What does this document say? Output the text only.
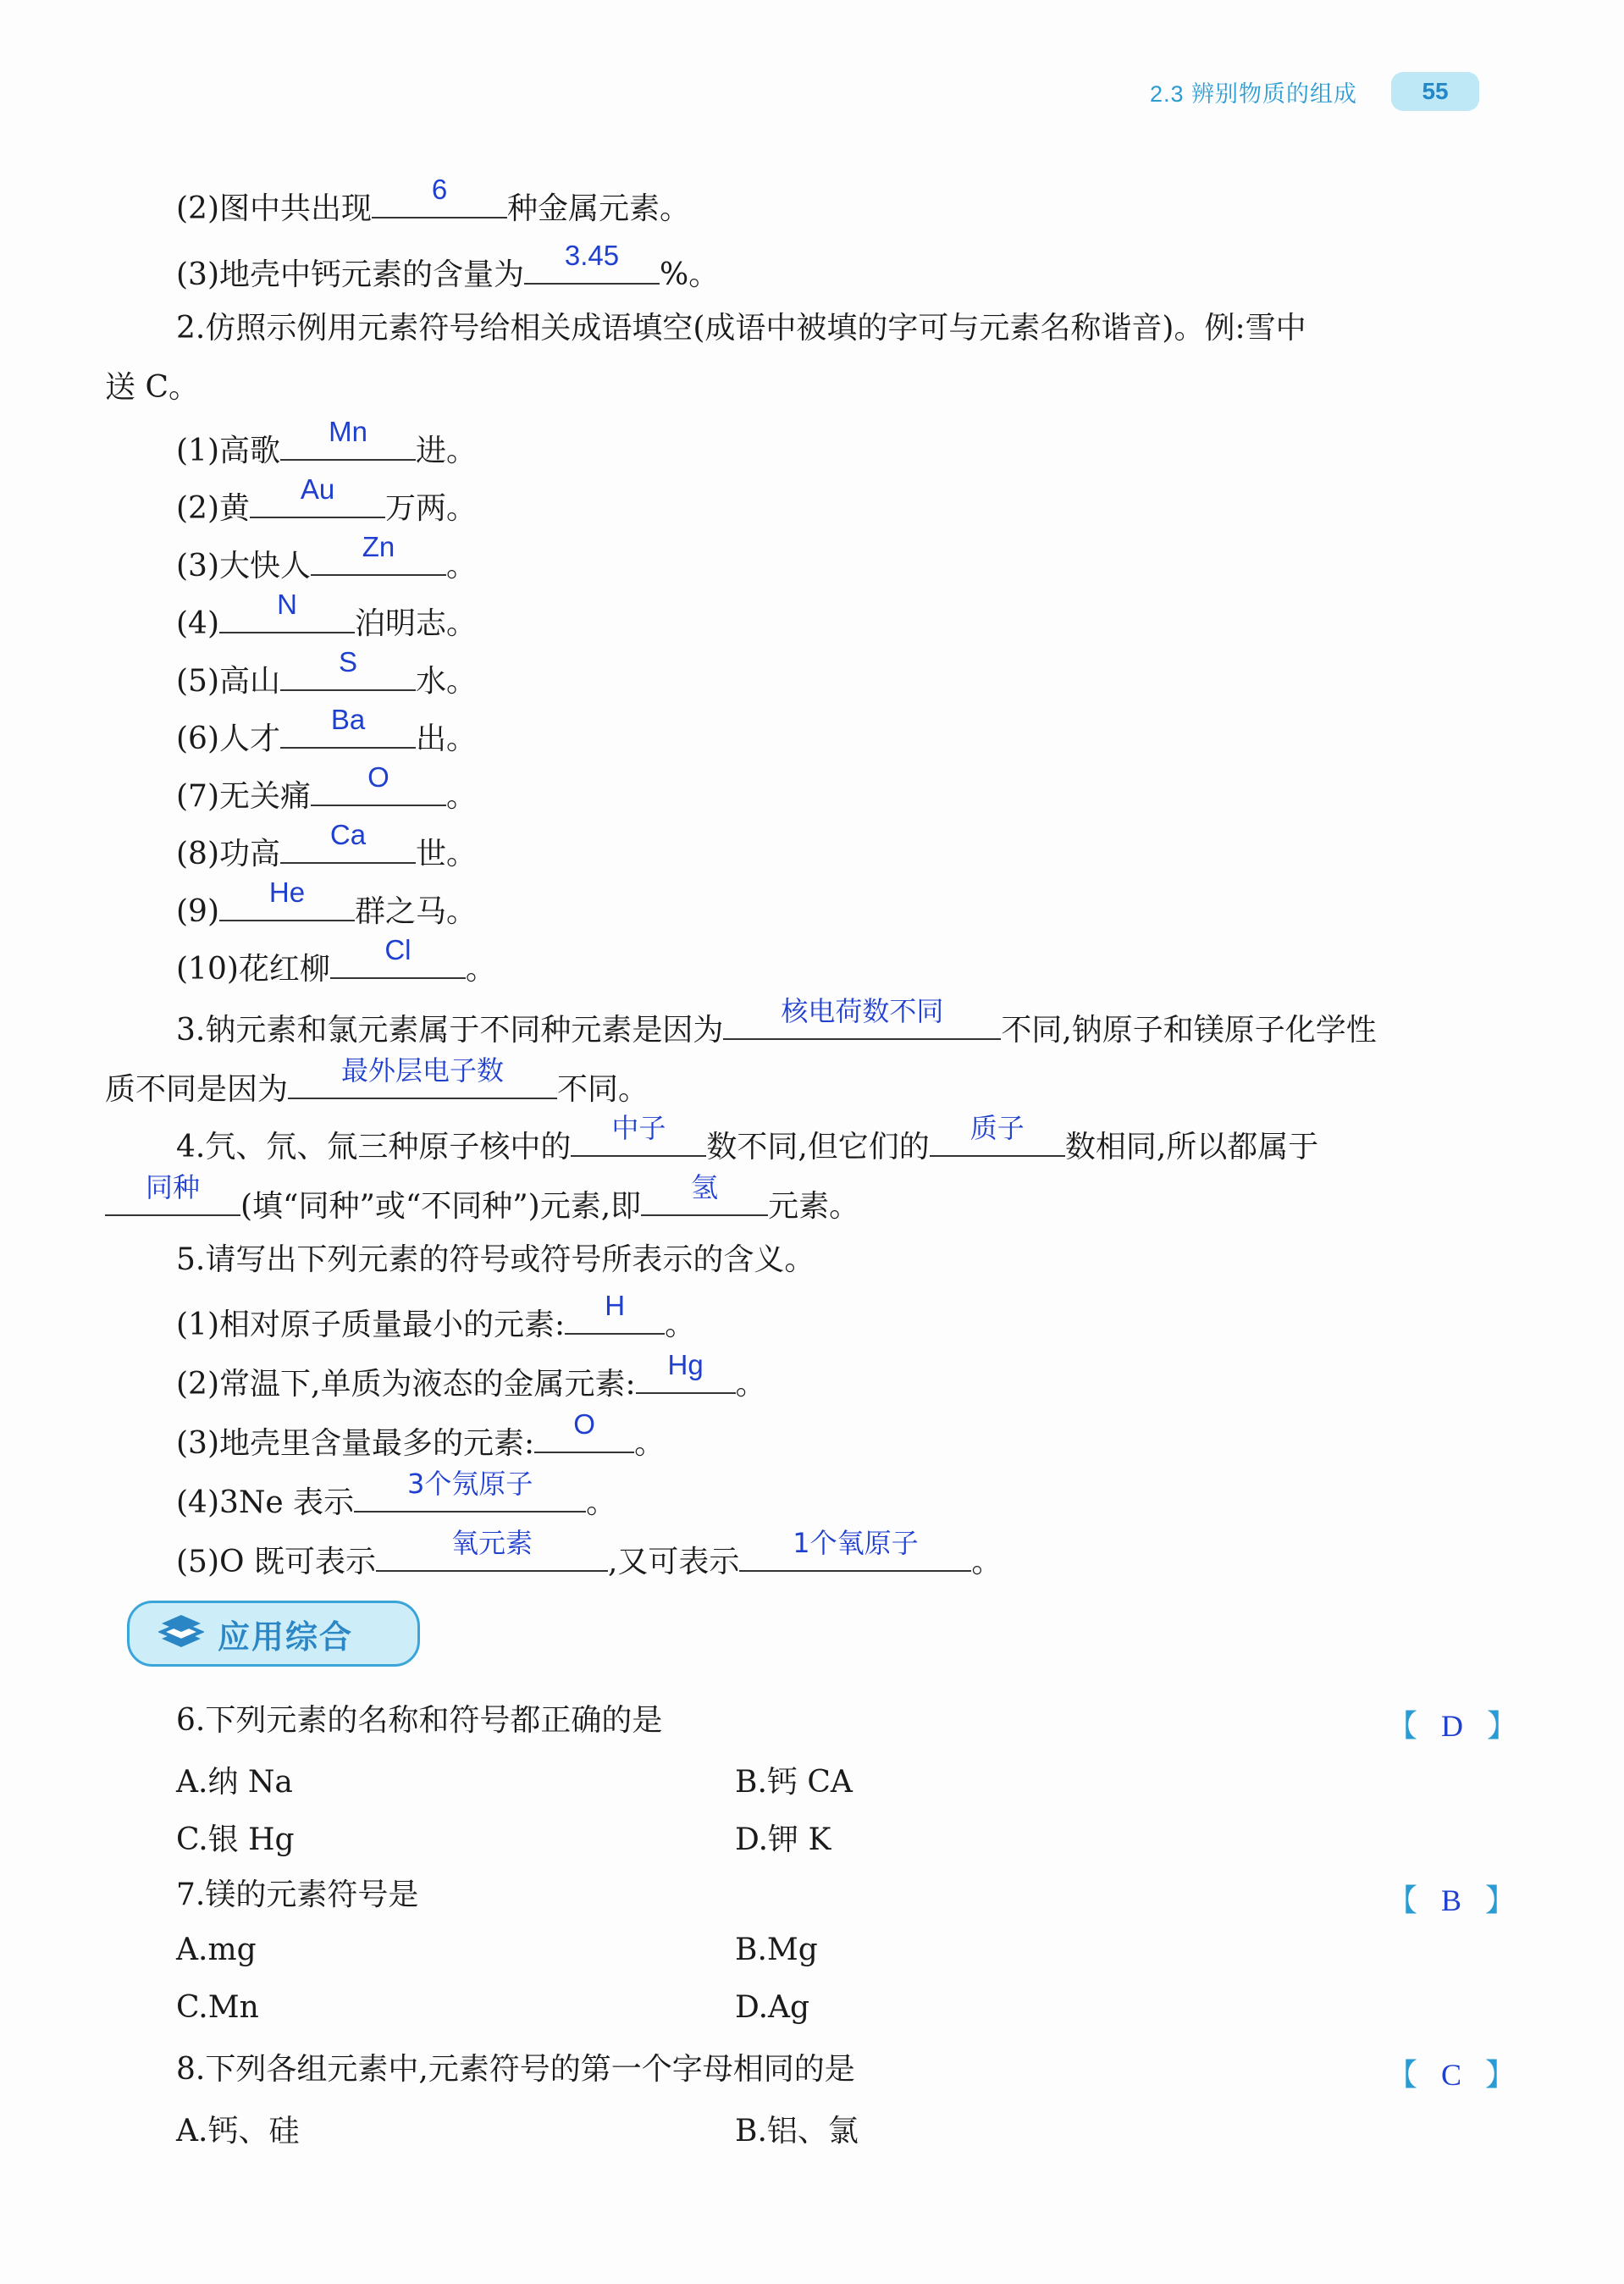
2.3 辨别物质的组成	55
(2)图中共出现
6
种金属元素。
(3)地壳中钙元素的含量为
3.45
%。
2.仿照示例用元素符号给相关成语填空(成语中被填的字可与元素名称谐音)。例:雪中
送 C。
(1)高歌
Mn
进。
(2)黄
Au
万两。
(3)大快人
Zn
。
(4)
N
泊明志。
(5)高山
S
水。
(6)人才
Ba
出。
(7)无关痛
O
。
(8)功高
Ca
世。
(9)
He
群之马。
(10)花红柳
Cl
。
3.钠元素和氯元素属于不同种元素是因为
核电荷数不同
不同,钠原子和镁原子化学性
质不同是因为
最外层电子数
不同。
4.氕、氘、氚三种原子核中的
中子
数不同,但它们的
质子
数相同,所以都属于
同种
(填“同种”或“不同种”)元素,即
氢
元素。
5.请写出下列元素的符号或符号所表示的含义。
(1)相对原子质量最小的元素:
H
。
(2)常温下,单质为液态的金属元素:
Hg
。
(3)地壳里含量最多的元素:
O
。
(4)3Ne 表示
3个氖原子
。
(5)O 既可表示
氧元素
,又可表示
1个氧原子
。
应用综合
6.下列元素的名称和符号都正确的是	【 D 】
A.纳 Na	B.钙 CA
C.银 Hg	D.钾 K
7.镁的元素符号是	【 B 】
A.mg	B.Mg
C.Mn	D.Ag
8.下列各组元素中,元素符号的第一个字母相同的是	【 C 】
A.钙、硅	B.铝、氯
